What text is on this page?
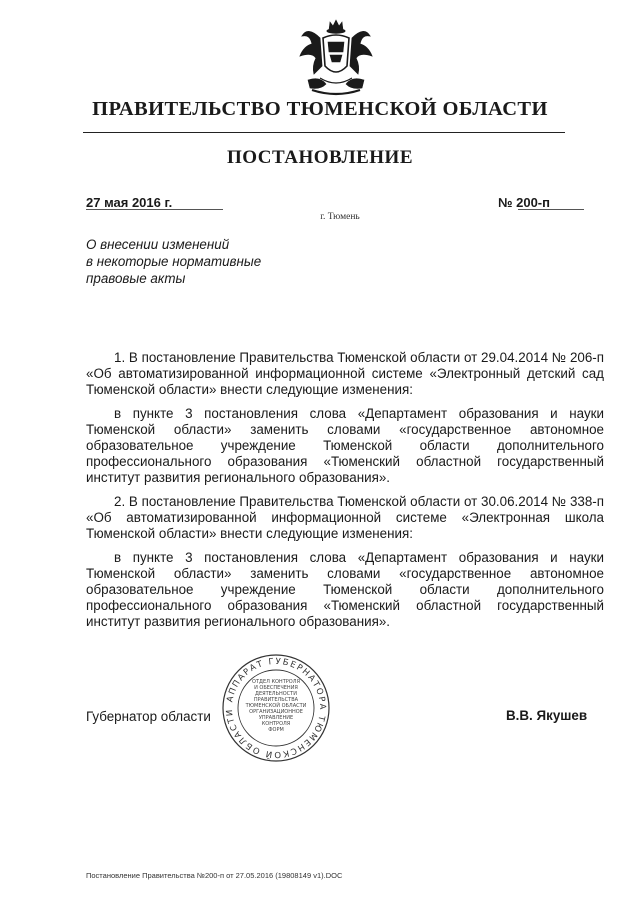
ПРАВИТЕЛЬСТВО ТЮМЕНСКОЙ ОБЛАСТИ
ПОСТАНОВЛЕНИЕ
27 мая 2016 г.	№ 200-п
г. Тюмень
О внесении изменений
в некоторые нормативные
правовые акты

1. В постановление Правительства Тюменской области от 29.04.2014 № 206-п «Об автоматизированной информационной системе «Электронный детский сад Тюменской области» внести следующие изменения:

в пункте 3 постановления слова «Департамент образования и науки Тюменской области» заменить словами «государственное автономное образовательное учреждение Тюменской области дополнительного профессионального образования «Тюменский областной государственный институт развития регионального образования».

2. В постановление Правительства Тюменской области от 30.06.2014 № 338-п «Об автоматизированной информационной системе «Электронная школа Тюменской области» внести следующие изменения:

в пункте 3 постановления слова «Департамент образования и науки Тюменской области» заменить словами «государственное автономное образовательное учреждение Тюменской области дополнительного профессионального образования «Тюменский областной государственный институт развития регионального образования».

Губернатор области	В.В. Якушев
АППАРАТ ГУБЕРНАТОРА ТЮМЕНСКОЙ ОБЛАСТИ
ОТДЕЛ КОНТРОЛЯ
И ОБЕСПЕЧЕНИЯ
ДЕЯТЕЛЬНОСТИ
ПРАВИТЕЛЬСТВА
ТЮМЕНСКОЙ ОБЛАСТИ
ОРГАНИЗАЦИОННОЕ
УПРАВЛЕНИЕ
КОНТРОЛЯ
ФОРМ
Постановление Правительства №200-п от 27.05.2016 (19808149 v1).DOC
